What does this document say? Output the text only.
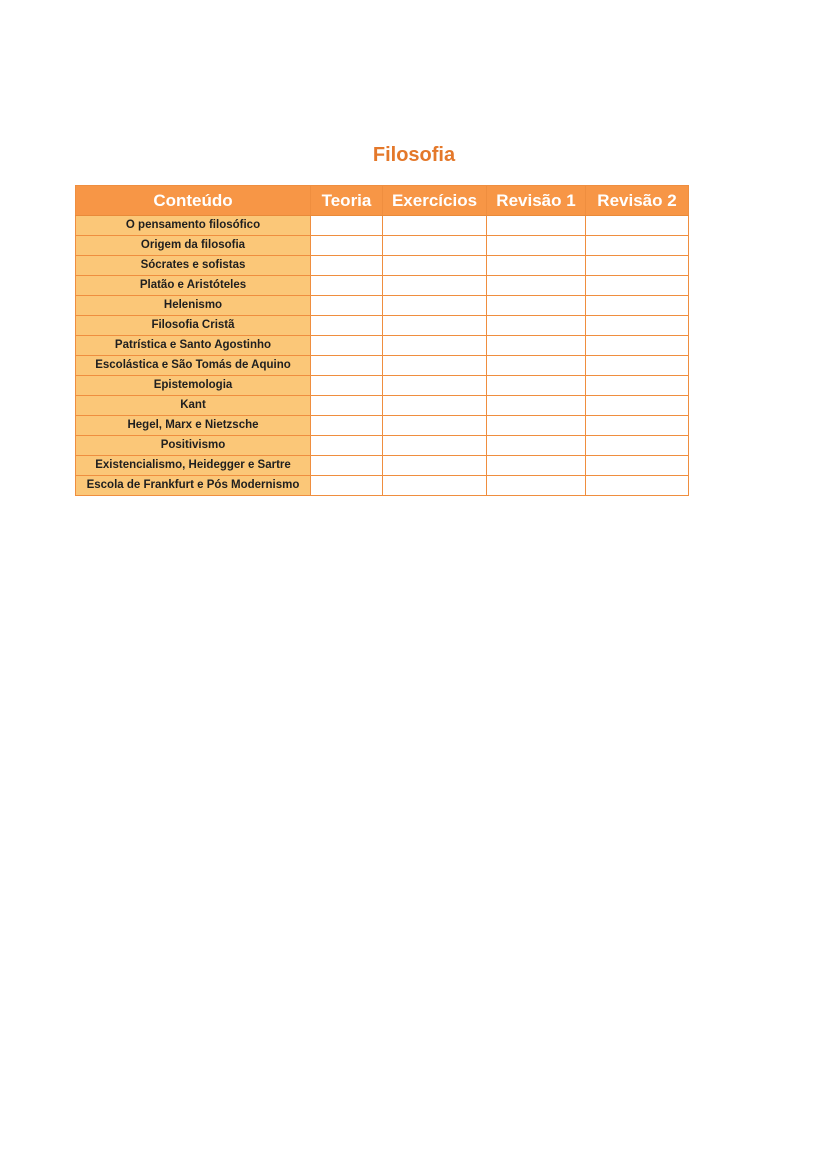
Filosofia
Conteúdo	Teoria	Exercícios	Revisão 1	Revisão 2
O pensamento filosófico				
Origem da filosofia				
Sócrates e sofistas				
Platão e Aristóteles				
Helenismo				
Filosofia Cristã				
Patrística e Santo Agostinho				
Escolástica e São Tomás de Aquino				
Epistemologia				
Kant				
Hegel, Marx e Nietzsche				
Positivismo				
Existencialismo, Heidegger e Sartre				
Escola de Frankfurt e Pós Modernismo				
